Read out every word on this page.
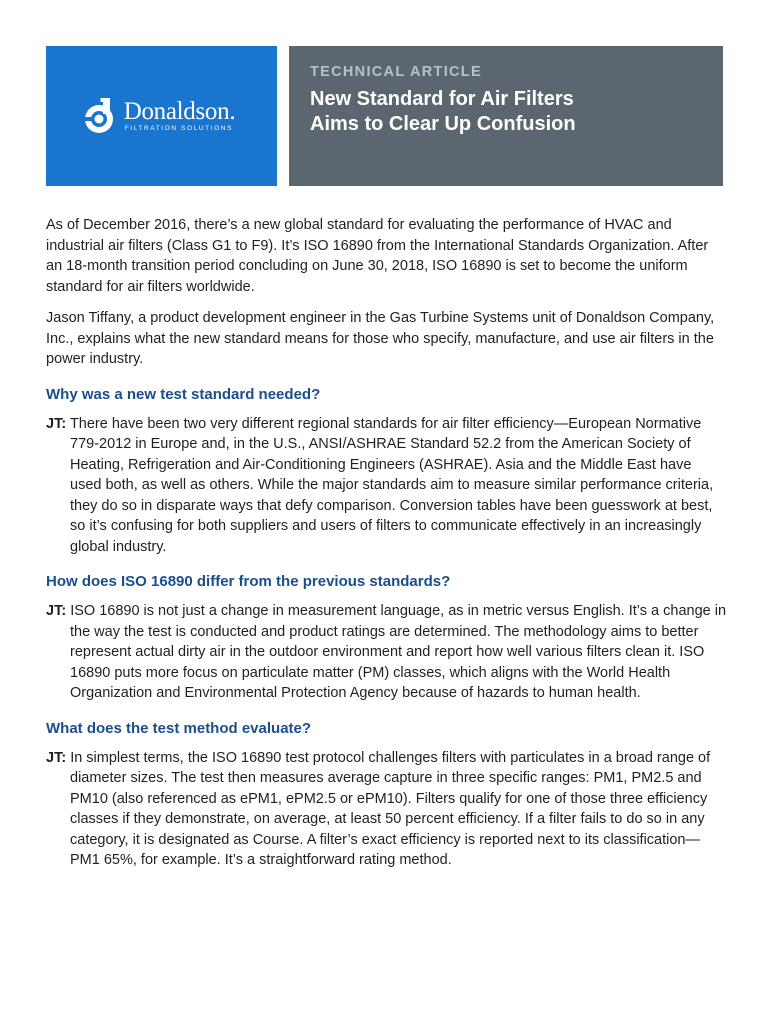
Donaldson.
FILTRATION SOLUTIONS
TECHNICAL ARTICLE
New Standard for Air Filters
Aims to Clear Up Confusion

As of December 2016, there’s a new global standard for evaluating the performance of HVAC and industrial air filters (Class G1 to F9). It’s ISO 16890 from the International Standards Organization. After an 18-month transition period concluding on June 30, 2018, ISO 16890 is set to become the uniform standard for air filters worldwide.

Jason Tiffany, a product development engineer in the Gas Turbine Systems unit of Donaldson Company, Inc., explains what the new standard means for those who specify, manufacture, and use air filters in the power industry.

Why was a new test standard needed?

JT: There have been two very different regional standards for air filter efficiency—European Normative 779-2012 in Europe and, in the U.S., ANSI/ASHRAE Standard 52.2 from the American Society of Heating, Refrigeration and Air-Conditioning Engineers (ASHRAE). Asia and the Middle East have used both, as well as others. While the major standards aim to measure similar performance criteria, they do so in disparate ways that defy comparison. Conversion tables have been guesswork at best, so it’s confusing for both suppliers and users of filters to communicate effectively in an increasingly global industry.

How does ISO 16890 differ from the previous standards?

JT: ISO 16890 is not just a change in measurement language, as in metric versus English. It’s a change in the way the test is conducted and product ratings are determined. The methodology aims to better represent actual dirty air in the outdoor environment and report how well various filters clean it. ISO 16890 puts more focus on particulate matter (PM) classes, which aligns with the World Health Organization and Environmental Protection Agency because of hazards to human health.

What does the test method evaluate?

JT: In simplest terms, the ISO 16890 test protocol challenges filters with particulates in a broad range of diameter sizes. The test then measures average capture in three specific ranges: PM1, PM2.5 and PM10 (also referenced as ePM1, ePM2.5 or ePM10). Filters qualify for one of those three efficiency classes if they demonstrate, on average, at least 50 percent efficiency. If a filter fails to do so in any category, it is designated as Course. A filter’s exact efficiency is reported next to its classification—PM1 65%, for example. It’s a straightforward rating method.
